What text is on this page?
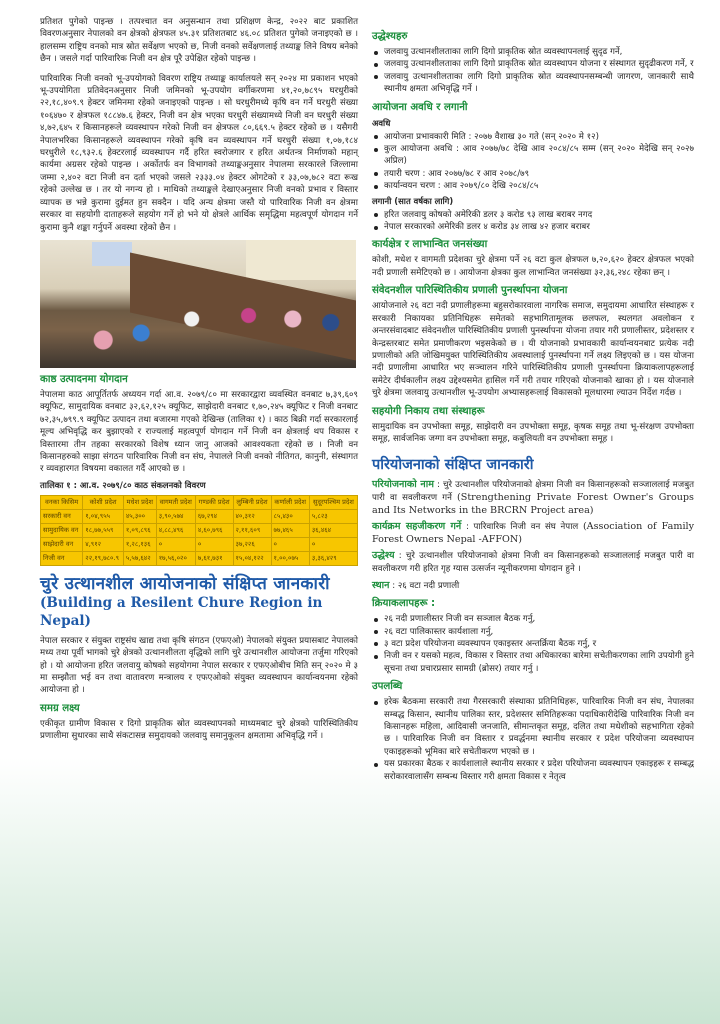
प्रतिशत पुगेको पाइन्छ । तत्पश्चात वन अनुसन्धान तथा प्रशिक्षण केन्द्र, २०२२ बाट प्रकाशित विवरणअनुसार नेपालको वन क्षेत्रको क्षेत्रफल ४५.३१ प्रतिशतबाट ४६.०८ प्रतिशत पुगेको जनाइएको छ । हालसम्म राष्ट्रिय वनको मात्र स्रोत सर्वेक्षण भएको छ, निजी वनको सर्वेक्षणलाई तथ्याङ्क लिने विषय बनेको छैन । जसले गर्दा पारिवारिक निजी वन क्षेत्र पूरै उपेक्षित रहेको पाइन्छ ।

पारिवारिक निजी वनको भू-उपयोगको विवरण राष्ट्रिय तथ्याङ्क कार्यालयले सन् २०२४ मा प्रकाशन भएको भू-उपयोगिता प्रतिवेदनअनुसार निजी जमिनको भू-उपयोग वर्गीकरणमा ४१,२०,७८९५ घरधुरीको २२,१८,४०९.९ हेक्टर जमिनमा रहेको जनाइएको पाइन्छ । सो घरधुरीमध्ये कृषि वन गर्ने घरधुरी संख्या १०६४७० र क्षेत्रफल १८८४७.६ हेक्टर, निजी वन क्षेत्र भएका घरधुरी संख्यामध्ये निजी वन घरधुरी संख्या ४,७२,६४५ र किसानहरूले व्यवस्थापन गरेको निजी वन क्षेत्रफल ८०,६६९.५ हेक्टर रहेको छ । यसैगरी नेपालभरिका किसानहरूले व्यवस्थापन गरेको कृषि वन व्यवस्थापन गर्ने घरधुरी संख्या १,०७,१८४ घरधुरीले १८,९३२.६ हेक्टरलाई व्यवस्थापन गर्दै हरित स्वरोजगार र हरित अर्थतन्त्र निर्माणको महान् कार्यमा अग्रसर रहेको पाइन्छ । अर्कोतर्फ वन विभागको तथ्याङ्कअनुसार नेपालमा सरकारले जिल्लामा जम्मा २,४०२ वटा निजी वन दर्ता भएको जसले २३३३.०४ हेक्टर ओगटेको र ३३,०७,७८२ वटा रूख रहेको उल्लेख छ । तर यो नगन्य हो । माथिको तथ्याङ्कले देखाएअनुसार निजी वनको प्रभाव र विस्तार व्यापक छ भन्ने कुरामा दुईमत हुन सक्दैन । यदि अन्य क्षेत्रमा जस्तै यो पारिवारिक निजी वन क्षेत्रमा सरकार वा सहयोगी दाताहरूले सहयोग गर्ने हो भने यो क्षेत्रले आर्थिक समृद्धिमा महत्वपूर्ण योगदान गर्ने कुरामा कुनै शङ्का गर्नुपर्ने अवस्था रहेको छैन ।

काष्ठ उत्पादनमा योगदान

नेपालमा काठ आपूर्तितर्फ अध्ययन गर्दा आ.व. २०७९/८० मा सरकारद्वारा व्यवस्थित वनबाट ७,३९,६०९ क्यूफिट, सामुदायिक वनबाट ३२,६२,१२५ क्यूफिट, साझेदारी वनबाट १,७०,२४५ क्यूफिट र निजी वनबाट ७२,३५,७९९.९ क्यूफिट उत्पादन तथा बजारमा गएको देखिन्छ (तालिका १) । काठ बिक्री गर्दा सरकारलाई मूल्य अभिवृद्धि कर बुझाएको र राज्यलाई महत्वपूर्ण योगदान गर्ने निजी वन क्षेत्रलाई थप विकास र विस्तारमा तीन तहका सरकारको विशेष ध्यान जानु आजको आवश्यकता रहेको छ । निजी वन किसानहरुको साझा संगठन पारिवारिक निजी वन संघ, नेपालले निजी वनको नीतिगत, कानुनी, संस्थागत र व्यवहारगत विषयमा वकालत गर्दै आएको छ ।

तालिका १ : आ.व. २०७९/८० काठ संकलनको विवरण
वनका किसिम	कोशी प्रदेश	मधेश प्रदेश	वागमती प्रदेश	गण्डकी प्रदेश	लुम्बिनी प्रदेश	कर्णाली प्रदेश	सुदूरपश्चिम प्रदेश
सरकारी वन	१,०४,९५५	४५,३००	३,९०,५७४	६७,२९४	४०,३१२	८५,४३०	५,८२३
सामुदायिक वन	१८,७७,५५९	१,०९,८९६	४,८८,४९६	४,६०,७९६	२,११,६०९	७७,४६५	३६,४६४
साझेदारी वन	४,९१२	१,२८,१३६	०	०	३७,२२६	०	०
निजी वन	२२,१९,७८०.९	५,५७,६४२	१७,५६,०२०	७,६१,७३१	१५,०४,१२२	१,००,०७५	३,३६,४२९
चुरे उत्थानशील आयोजनाको संक्षिप्त जानकारी
(Building a Resilent Chure Region in Nepal)

नेपाल सरकार र संयुक्त राष्ट्रसंघ खाद्य तथा कृषि संगठन (एफएओ) नेपालको संयुक्त प्रयासबाट नेपालको मध्य तथा पूर्वी भागको चुरे क्षेत्रको उत्थानशीलता वृद्धिको लागि चुरे उत्थानशील आयोजना तर्जुमा गरिएको हो । यो आयोजना हरित जलवायु कोषको सहयोगमा नेपाल सरकार र एफएओबीच मिति सन् २०२० मे ३ मा सम्झौता भई वन तथा वातावरण मन्त्रालय र एफएओको संयुक्त व्यवस्थापन कार्यान्वयनमा रहेको आयोजना हो ।

समग्र लक्ष्य

एकीकृत ग्रामीण विकास र दिगो प्राकृतिक स्रोत व्यवस्थापनको माध्यमबाट चुरे क्षेत्रको पारिस्थितिकीय प्रणालीमा सुधारका साथै संकटासन्न समुदायको जलवायु समानुकूलन क्षमतामा अभिवृद्धि गर्ने ।

उद्धेश्यहरु
जलवायु उत्थानशीलताका लागि दिगो प्राकृतिक स्रोत व्यवस्थापनलाई सुदृढ गर्ने,
जलवायु उत्थानशीलताका लागि दिगो प्राकृतिक स्रोत व्यवस्थापन योजना र संस्थागत सुदृढीकरण गर्ने, र
जलवायु उत्थानशीलताका लागि दिगो प्राकृतिक स्रोत व्यवस्थापनसम्बन्धी जागरण, जानकारी साथै स्थानीय क्षमता अभिवृद्धि गर्ने ।
आयोजना अवधि र लगानी
अवधि
आयोजना प्रभावकारी मिति : २०७७ वैशाख ३० गते (सन् २०२० मे १२)
कुल आयोजना अवधि : आव २०७७/७८ देखि आव २०८४/८५ सम्म (सन् २०२० मेदेखि सन् २०२७ अप्रिल)
तयारी चरण : आव २०७७/७८ र आव २०७८/७९
कार्यान्वयन चरण : आव २०७९/८० देखि २०८४/८५
लगानी (सात वर्षका लागि)
हरित जलवायु कोषको अमेरिकी डलर ३ करोड ९३ लाख बराबर नगद
नेपाल सरकारको अमेरिकी डलर ४ करोड ३४ लाख ४२ हजार बराबर
कार्यक्षेत्र र लाभान्वित जनसंख्या

कोशी, मधेश र वागमती प्रदेशका चुरे क्षेत्रमा पर्ने २६ वटा कुल क्षेत्रफल ७,२०,६२० हेक्टर क्षेत्रफल भएको नदी प्रणाली समेटिएको छ । आयोजना क्षेत्रका कुल लाभान्वित जनसंख्या ३२,३६,२४८ रहेका छन् ।

संवेदनशील पारिस्थितिकीय प्रणाली पुनर्स्थापना योजना

आयोजनाले २६ वटा नदी प्रणालीहरूमा बहुसरोकारवाला नागरिक समाज, समुदायमा आधारित संस्थाहरू र सरकारी निकायका प्रतिनिधिहरू समेतको सहभागितामूलक छलफल, स्थलगत अवलोकन र अन्तरसंवादबाट संवेदनशील पारिस्थितिकीय प्रणाली पुनर्स्थापना योजना तयार गरी प्रणालीस्तर, प्रदेशस्तर र केन्द्रस्तरबाट समेत प्रमाणीकरण भइसकेको छ । यी योजनाको प्रभावकारी कार्यान्वयनबाट प्रत्येक नदी प्रणालीको अति जोखिमयुक्त पारिस्थितिकीय अवस्थालाई पुनर्स्थापना गर्ने लक्ष्य लिइएको छ । यस योजना नदी प्रणालीमा आधारित भए सञ्चालन गरिने पारिस्थितिकीय प्रणाली पुनर्स्थापना क्रियाकलापहरूलाई समेटेर दीर्घकालीन लक्ष्य उद्देश्यसमेत हासिल गर्ने गरी तयार गरिएको योजनाको खाका हो । यस योजनाले चुरे क्षेत्रमा जलवायु उत्थानशील भू-उपयोग अभ्यासहरूलाई विकासको मूलधारमा ल्याउन निर्देश गर्दछ ।

सहयोगी निकाय तथा संस्थाहरू

सामुदायिक वन उपभोक्ता समूह, साझेदारी वन उपभोक्ता समूह, कृषक समूह तथा भू-संरक्षण उपभोक्ता समूह, सार्वजनिक जग्गा वन उपभोक्ता समूह, कबुलियती वन उपभोक्ता समूह ।

परियोजनाको संक्षिप्त जानकारी
परियोजनाको नाम : चुरे उत्थानशील परियोजनाको क्षेत्रमा निजी वन किसानहरूको सञ्जाललाई मजबुत पारी वा सवलीकरण गर्ने (Strengthening Private Forest Owner's Groups and Its Networks in the BRCRN Project area)
कार्यक्रम सहजीकरण गर्ने : पारिवारिक निजी वन संघ नेपाल (Association of Family Forest Owners Nepal -AFFON)
उद्धेश्य : चुरे उत्थानशील परियोजनाको क्षेत्रमा निजी वन किसानहरूको सञ्जाललाई मजबुत पारी वा सवलीकरण गरी हरित गृह ग्यास उत्सर्जन न्यूनीकरणमा योगदान हुने ।
स्थान : २६ वटा नदी प्रणाली
क्रियाकलापहरू :
२६ नदी प्रणालीस्तर निजी वन सञ्जाल बैठक गर्नु,
२६ वटा पालिकास्तर कार्यशाला गर्नु,
३ वटा प्रदेश परियोजना व्यवस्थापन एकाइस्तर अन्तर्क्रिया बैठक गर्नु, र
निजी वन र यसको महत्व, विकास र विस्तार तथा अधिकारका बारेमा सचेतीकरणका लागि उपयोगी हुने सूचना तथा प्रचारप्रसार सामग्री (ब्रोसर) तयार गर्नु ।
उपलब्धि
हरेक बैठकमा सरकारी तथा गैरसरकारी संस्थाका प्रतिनिधिहरू, पारिवारिक निजी वन संघ, नेपालका सम्बद्ध किसान, स्थानीय पालिका स्तर, प्रदेशस्तर समितिहरूका पदाधिकारीदेखि पारिवारिक निजी वन किसानहरू महिला, आदिवासी जनजाति, सीमान्तकृत समूह, दलित तथा मधेशीको सहभागिता रहेको छ । पारिवारिक निजी वन विस्तार र प्रवर्द्धनमा स्थानीय सरकार र प्रदेश परियोजना व्यवस्थापन एकाइहरूको भूमिका बारे सचेतीकरण भएको छ ।
यस प्रकारका बैठक र कार्यशालाले स्थानीय सरकार र प्रदेश परियोजना व्यवस्थापन एकाइहरू र सम्बद्ध सरोकारवालासँग सम्बन्ध विस्तार गरी क्षमता विकास र नेतृत्व
